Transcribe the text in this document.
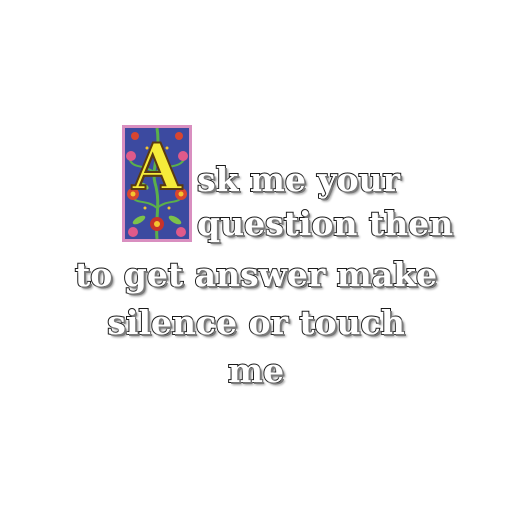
A sk me your
question then
to get answer make
silence or touch
me
